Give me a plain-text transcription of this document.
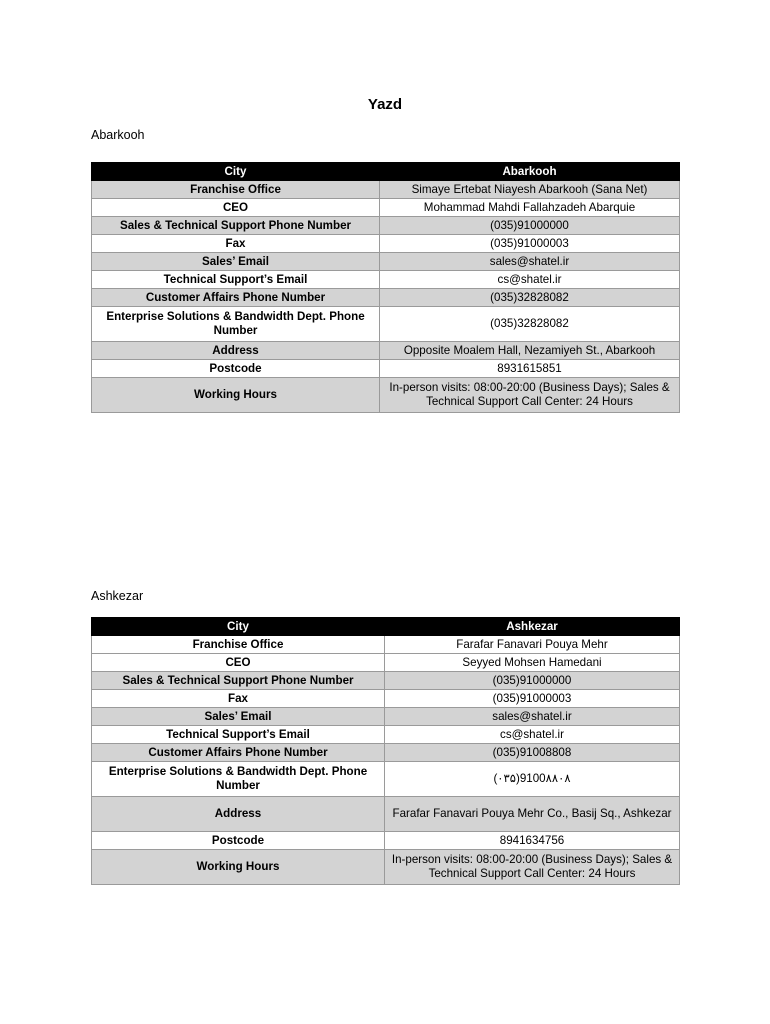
Yazd
Abarkooh
City	Abarkooh
Franchise Office	Simaye Ertebat Niayesh Abarkooh (Sana Net)
CEO	Mohammad Mahdi Fallahzadeh Abarquie
Sales & Technical Support Phone Number	(035)91000000
Fax	(035)91000003
Sales’ Email	sales@shatel.ir
Technical Support’s Email	cs@shatel.ir
Customer Affairs Phone Number	(035)32828082
Enterprise Solutions & Bandwidth Dept. Phone Number	(035)32828082
Address	Opposite Moalem Hall, Nezamiyeh St., Abarkooh
Postcode	8931615851
Working Hours	In-person visits: 08:00-20:00 (Business Days); Sales & Technical Support Call Center: 24 Hours
Ashkezar
City	Ashkezar
Franchise Office	Farafar Fanavari Pouya Mehr
CEO	Seyyed Mohsen Hamedani
Sales & Technical Support Phone Number	(035)91000000
Fax	(035)91000003
Sales’ Email	sales@shatel.ir
Technical Support’s Email	cs@shatel.ir
Customer Affairs Phone Number	(035)91008808
Enterprise Solutions & Bandwidth Dept. Phone Number	(۰۳۵)9100۸۸۰۸
Address	Farafar Fanavari Pouya Mehr Co., Basij Sq., Ashkezar
Postcode	8941634756
Working Hours	In-person visits: 08:00-20:00 (Business Days); Sales & Technical Support Call Center: 24 Hours
